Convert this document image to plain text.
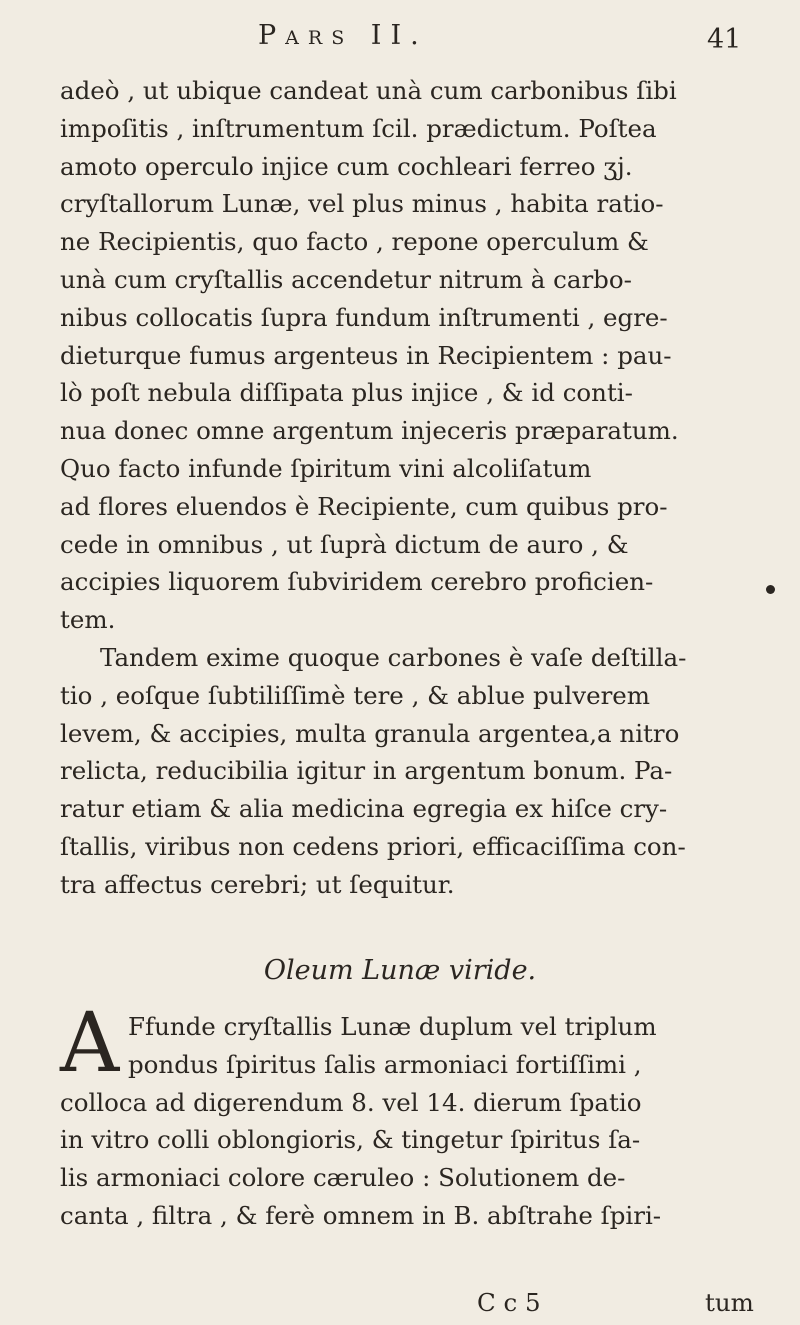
Pars II.	41
adeò , ut ubique candeat unà cum carbonibus ſibi
impoſitis , inſtrumentum ſcil. prædictum. Poſtea
amoto operculo injice cum cochleari ferreo ʒj.
cryſtallorum Lunæ, vel plus minus , habita ratio-
ne Recipientis, quo facto , repone operculum &
unà cum cryſtallis accendetur nitrum à carbo-
nibus collocatis ſupra fundum inſtrumenti , egre-
dieturque fumus argenteus in Recipientem : pau-
lò poſt nebula diſſipata plus injice , & id conti-
nua donec omne argentum injeceris præparatum.
Quo facto infunde ſpiritum vini alcoliſatum
ad flores eluendos è Recipiente, cum quibus pro-
cede in omnibus , ut ſuprà dictum de auro , &
accipies liquorem ſubviridem cerebro proficien-
tem.
Tandem exime quoque carbones è vaſe deſtilla-
tio , eoſque ſubtiliſſimè tere , & ablue pulverem
levem, & accipies, multa granula argentea,a nitro
relicta, reducibilia igitur in argentum bonum. Pa-
ratur etiam & alia medicina egregia ex hiſce cry-
ſtallis, viribus non cedens priori, efficaciſſima con-
tra affectus cerebri; ut ſequitur.
Oleum Lunæ viride.
A Ffunde cryſtallis Lunæ duplum vel triplum
pondus ſpiritus ſalis armoniaci fortiſſimi ,
colloca ad digerendum 8. vel 14. dierum ſpatio
in vitro colli oblongioris, & tingetur ſpiritus ſa-
lis armoniaci colore cæruleo : Solutionem de-
canta , filtra , & ferè omnem in B. abſtrahe ſpiri-
C c 5	tum
